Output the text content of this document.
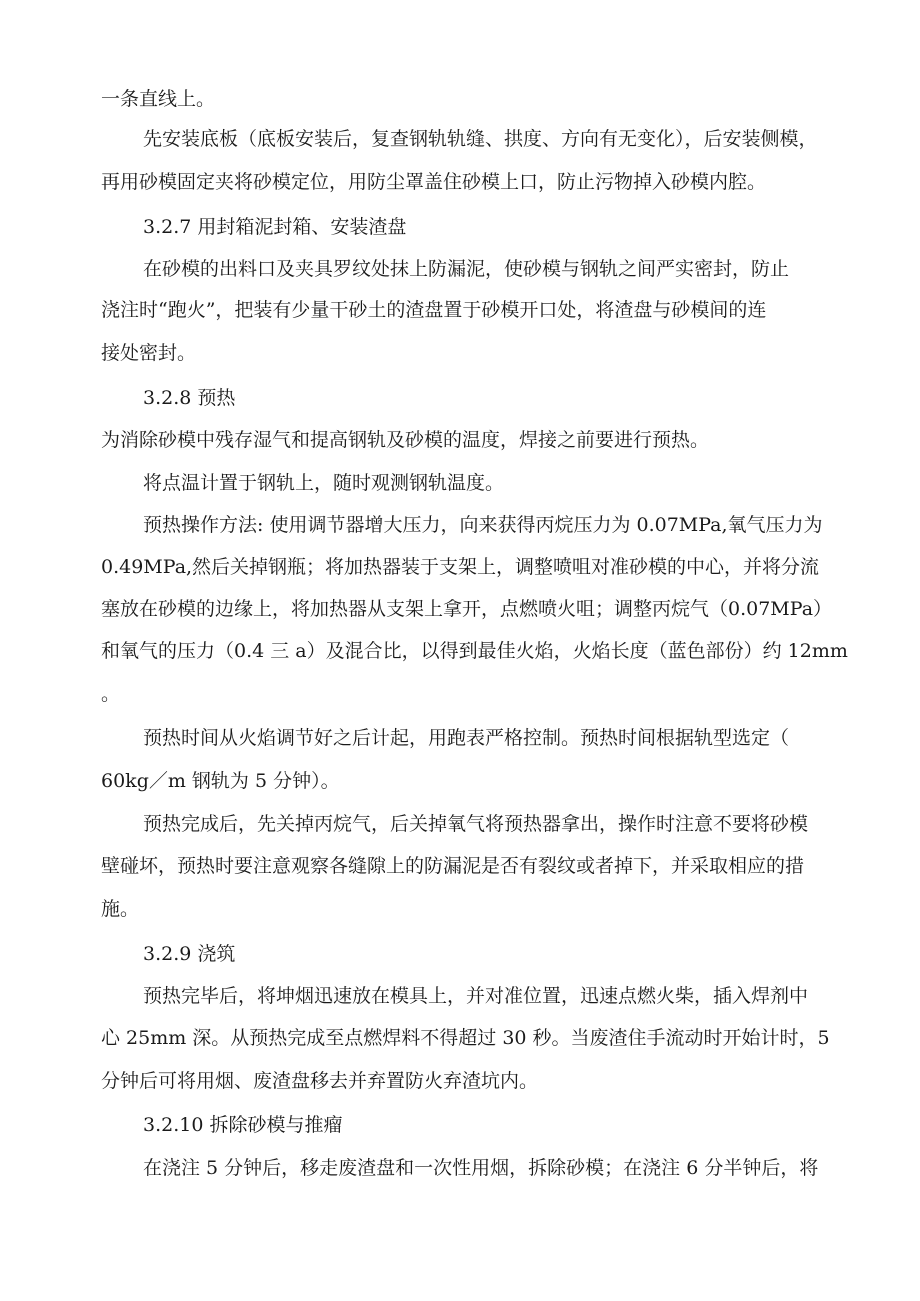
一条直线上。
先安装底板（底板安装后，复查钢轨轨缝、拱度、方向有无变化），后安装侧模，
再用砂模固定夹将砂模定位，用防尘罩盖住砂模上口，防止污物掉入砂模内腔。
3.2.7 用封箱泥封箱、安装渣盘
在砂模的出料口及夹具罗纹处抹上防漏泥，使砂模与钢轨之间严实密封，防止
浇注时“跑火”，把装有少量干砂土的渣盘置于砂模开口处，将渣盘与砂模间的连
接处密封。
3.2.8 预热
为消除砂模中残存湿气和提高钢轨及砂模的温度，焊接之前要进行预热。
将点温计置于钢轨上，随时观测钢轨温度。
预热操作方法: 使用调节器增大压力，向来获得丙烷压力为 0.07MPa,氧气压力为
0.49MPa,然后关掉钢瓶；将加热器装于支架上，调整喷咀对准砂模的中心，并将分流
塞放在砂模的边缘上，将加热器从支架上拿开，点燃喷火咀；调整丙烷气（0.07MPa）
和氧气的压力（0.4 三 a）及混合比，以得到最佳火焰，火焰长度（蓝色部份）约 12mm
。
预热时间从火焰调节好之后计起，用跑表严格控制。预热时间根据轨型选定（
60kg／m 钢轨为 5 分钟）。
预热完成后，先关掉丙烷气，后关掉氧气将预热器拿出，操作时注意不要将砂模
壁碰坏，预热时要注意观察各缝隙上的防漏泥是否有裂纹或者掉下，并采取相应的措
施。
3.2.9 浇筑
预热完毕后，将坤烟迅速放在模具上，并对准位置，迅速点燃火柴，插入焊剂中
心 25mm 深。从预热完成至点燃焊料不得超过 30 秒。当废渣住手流动时开始计时，5
分钟后可将用烟、废渣盘移去并弃置防火弃渣坑内。
3.2.10 拆除砂模与推瘤
在浇注 5 分钟后，移走废渣盘和一次性用烟，拆除砂模；在浇注 6 分半钟后，将
